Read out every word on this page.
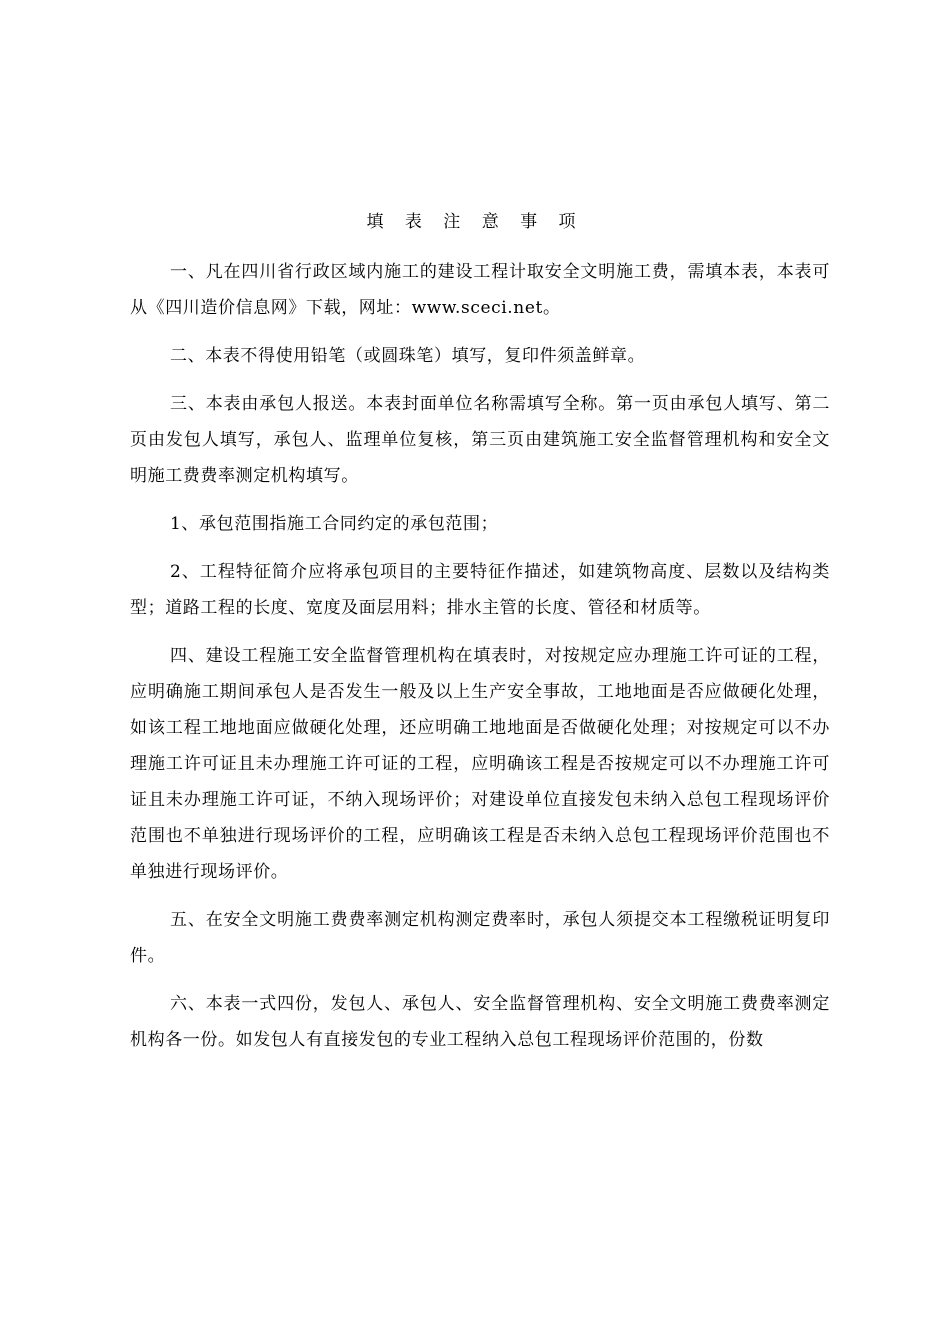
填 表 注 意 事 项

一、凡在四川省行政区域内施工的建设工程计取安全文明施工费，需填本表，本表可从《四川造价信息网》下载，网址：www.sceci.net。

二、本表不得使用铅笔（或圆珠笔）填写，复印件须盖鲜章。

三、本表由承包人报送。本表封面单位名称需填写全称。第一页由承包人填写、第二页由发包人填写，承包人、监理单位复核，第三页由建筑施工安全监督管理机构和安全文明施工费费率测定机构填写。

1、承包范围指施工合同约定的承包范围；

2、工程特征简介应将承包项目的主要特征作描述，如建筑物高度、层数以及结构类型；道路工程的长度、宽度及面层用料；排水主管的长度、管径和材质等。

四、建设工程施工安全监督管理机构在填表时，对按规定应办理施工许可证的工程，应明确施工期间承包人是否发生一般及以上生产安全事故，工地地面是否应做硬化处理，如该工程工地地面应做硬化处理，还应明确工地地面是否做硬化处理；对按规定可以不办理施工许可证且未办理施工许可证的工程，应明确该工程是否按规定可以不办理施工许可证且未办理施工许可证，不纳入现场评价；对建设单位直接发包未纳入总包工程现场评价范围也不单独进行现场评价的工程，应明确该工程是否未纳入总包工程现场评价范围也不单独进行现场评价。

五、在安全文明施工费费率测定机构测定费率时，承包人须提交本工程缴税证明复印件。

六、本表一式四份，发包人、承包人、安全监督管理机构、安全文明施工费费率测定机构各一份。如发包人有直接发包的专业工程纳入总包工程现场评价范围的，份数
